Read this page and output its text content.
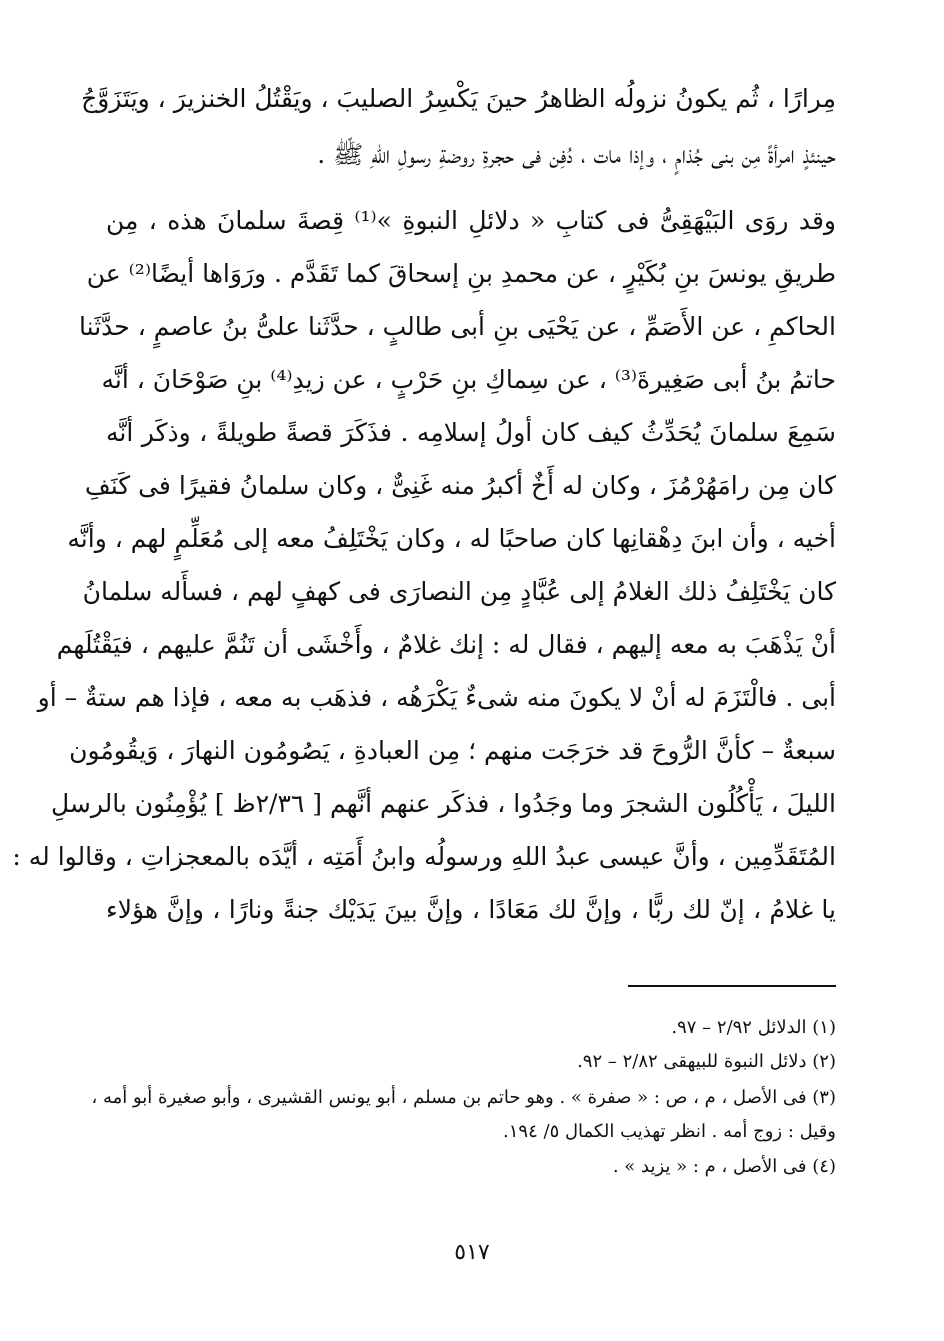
مِرارًا ، ثُم يكونُ نزولُه الظاهرُ حينَ يَكْسِرُ الصليبَ ، ويَقْتُلُ الخنزيرَ ، ويَتَزَوَّجُ
حينئذٍ امرأةً مِن بنى جُذامٍ ، وإذا مات ، دُفِن فى حجرةِ روضةِ رسولِ اللهِ ﷺ .
وقد روَى البَيْهَقِىُّ فى كتابِ « دلائلِ النبوةِ »⁽¹⁾ قِصةَ سلمانَ هذه ، مِن
طريقِ يونسَ بنِ بُكَيْرٍ ، عن محمدِ بنِ إسحاقَ كما تَقَدَّم . ورَوَاها أيضًا⁽²⁾ عن
الحاكمِ ، عن الأَصَمِّ ، عن يَحْيَى بنِ أبى طالبٍ ، حدَّثَنا علىُّ بنُ عاصمٍ ، حدَّثَنا
حاتمُ بنُ أبى صَغِيرةَ⁽³⁾ ، عن سِماكِ بنِ حَرْبٍ ، عن زيدِ⁽⁴⁾ بنِ صَوْحَانَ ، أنَّه
سَمِعَ سلمانَ يُحَدِّثُ كيف كان أولُ إسلامِه . فذَكَرَ قصةً طويلةً ، وذكَر أنَّه
كان مِن رامَهُرْمُزَ ، وكان له أَخٌ أكبرُ منه غَنِىٌّ ، وكان سلمانُ فقيرًا فى كَنَفِ
أخيه ، وأن ابنَ دِهْقانِها كان صاحبًا له ، وكان يَخْتَلِفُ معه إلى مُعَلِّمٍ لهم ، وأنَّه
كان يَخْتَلِفُ ذلك الغلامُ إلى عُبَّادٍ مِن النصارَى فى كهفٍ لهم ، فسأَله سلمانُ
أنْ يَذْهَبَ به معه إليهم ، فقال له : إنك غلامٌ ، وأَخْشَى أن تَنُمَّ عليهم ، فيَقْتُلَهم
أبى . فالْتَزَمَ له أنْ لا يكونَ منه شىءٌ يَكْرَهُه ، فذهَب به معه ، فإذا هم ستةٌ – أو
سبعةٌ – كأنَّ الرُّوحَ قد خرَجَت منهم ؛ مِن العبادةِ ، يَصُومُون النهارَ ، وَيقُومُون
الليلَ ، يَأْكُلُون الشجرَ وما وجَدُوا ، فذكَر عنهم أنَّهم [ ٢/٣٦ظ ] يُؤْمِنُون بالرسلِ
المُتَقَدِّمِين ، وأنَّ عيسى عبدُ اللهِ ورسولُه وابنُ أَمَتِه ، أيَّدَه بالمعجزاتِ ، وقالوا له :
يا غلامُ ، إنّ لك ربًّا ، وإنَّ لك مَعَادًا ، وإنَّ بينَ يَدَيْك جنةً ونارًا ، وإنَّ هؤلاء
(١) الدلائل ٢/٩٢ – ٩٧.
(٢) دلائل النبوة للبيهقى ٢/٨٢ – ٩٢.
(٣) فى الأصل ، م ، ص : « صفرة » . وهو حاتم بن مسلم ، أبو يونس القشيرى ، وأبو صغيرة أبو أمه ،
وقيل : زوج أمه . انظر تهذيب الكمال ٥/ ١٩٤.
(٤) فى الأصل ، م : « يزيد » .
٥١٧
